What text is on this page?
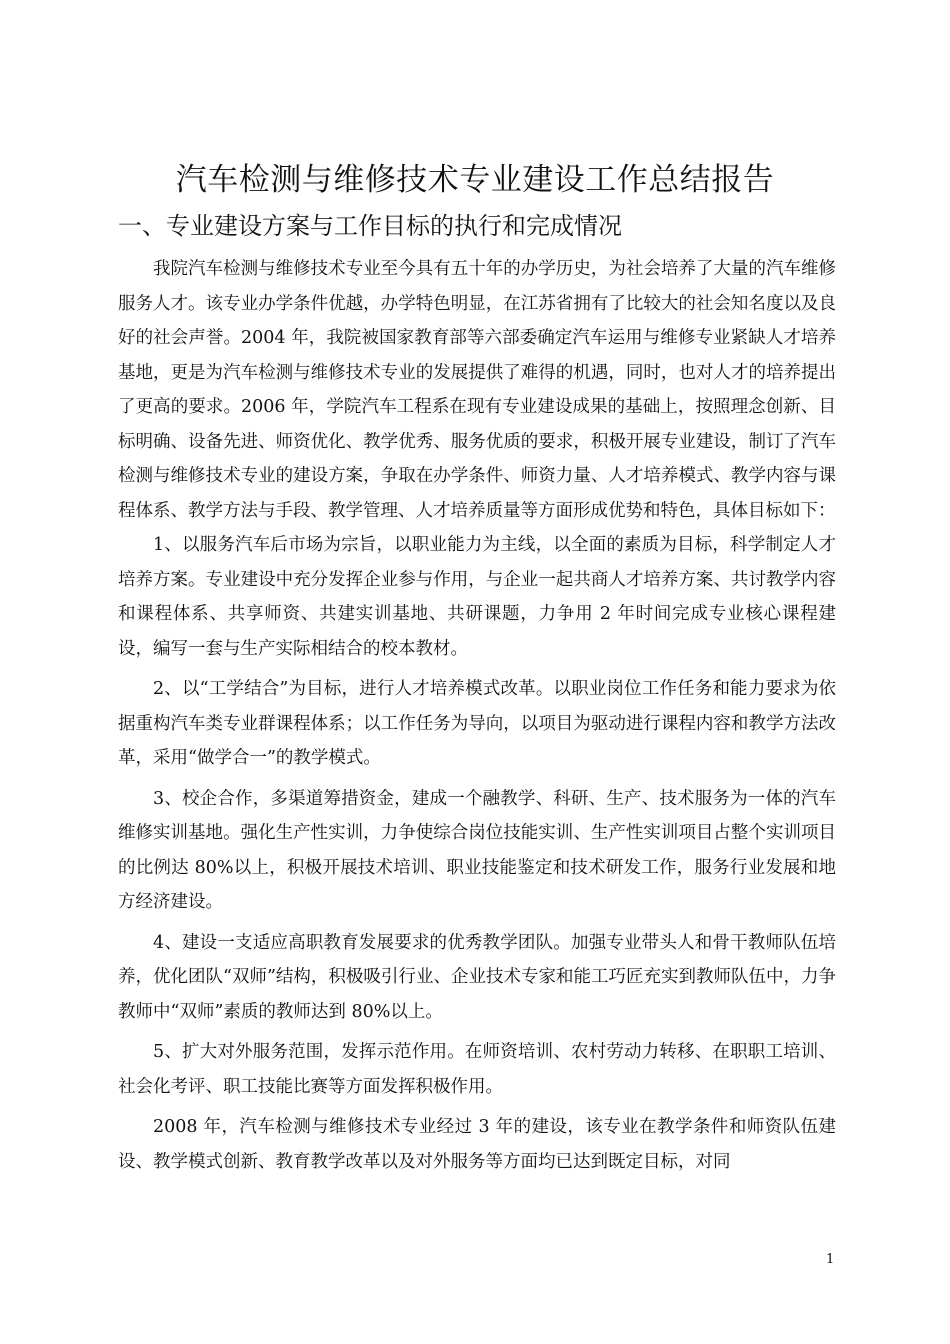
汽车检测与维修技术专业建设工作总结报告
一、专业建设方案与工作目标的执行和完成情况

我院汽车检测与维修技术专业至今具有五十年的办学历史，为社会培养了大量的汽车维修服务人才。该专业办学条件优越，办学特色明显，在江苏省拥有了比较大的社会知名度以及良好的社会声誉。2004 年，我院被国家教育部等六部委确定汽车运用与维修专业紧缺人才培养基地，更是为汽车检测与维修技术专业的发展提供了难得的机遇，同时，也对人才的培养提出了更高的要求。2006 年，学院汽车工程系在现有专业建设成果的基础上，按照理念创新、目标明确、设备先进、师资优化、教学优秀、服务优质的要求，积极开展专业建设，制订了汽车检测与维修技术专业的建设方案，争取在办学条件、师资力量、人才培养模式、教学内容与课程体系、教学方法与手段、教学管理、人才培养质量等方面形成优势和特色，具体目标如下：

1、以服务汽车后市场为宗旨，以职业能力为主线，以全面的素质为目标，科学制定人才培养方案。专业建设中充分发挥企业参与作用，与企业一起共商人才培养方案、共讨教学内容和课程体系、共享师资、共建实训基地、共研课题，力争用 2 年时间完成专业核心课程建设，编写一套与生产实际相结合的校本教材。

2、以“工学结合”为目标，进行人才培养模式改革。以职业岗位工作任务和能力要求为依据重构汽车类专业群课程体系；以工作任务为导向，以项目为驱动进行课程内容和教学方法改革，采用“做学合一”的教学模式。

3、校企合作，多渠道筹措资金，建成一个融教学、科研、生产、技术服务为一体的汽车维修实训基地。强化生产性实训，力争使综合岗位技能实训、生产性实训项目占整个实训项目的比例达 80%以上，积极开展技术培训、职业技能鉴定和技术研发工作，服务行业发展和地方经济建设。

4、建设一支适应高职教育发展要求的优秀教学团队。加强专业带头人和骨干教师队伍培养，优化团队“双师”结构，积极吸引行业、企业技术专家和能工巧匠充实到教师队伍中，力争教师中“双师”素质的教师达到 80%以上。

5、扩大对外服务范围，发挥示范作用。在师资培训、农村劳动力转移、在职职工培训、社会化考评、职工技能比赛等方面发挥积极作用。

2008 年，汽车检测与维修技术专业经过 3 年的建设，该专业在教学条件和师资队伍建设、教学模式创新、教育教学改革以及对外服务等方面均已达到既定目标，对同

1
